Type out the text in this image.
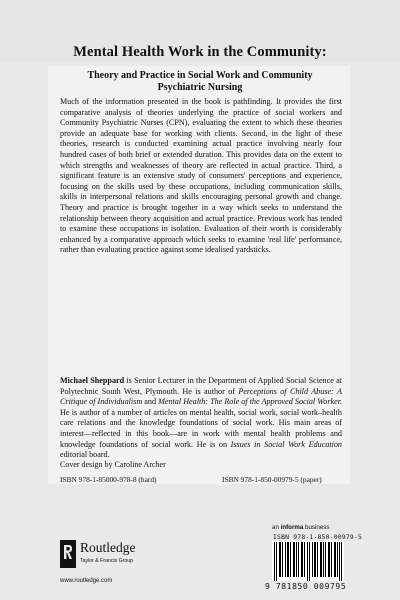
Mental Health Work in the Community:
Theory and Practice in Social Work and Community Psychiatric Nursing
Much of the information presented in the book is pathfinding. It provides the first comparative analysis of theories underlying the practice of social workers and Community Psychiatric Nurses (CPN), evaluating the extent to which these theories provide an adequate base for working with clients. Second, in the light of these theories, research is conducted examining actual practice involving nearly four hundred cases of both brief or extended duration. This provides data on the extent to which strengths and weaknesses of theory are reflected in actual practice. Third, a significant feature is an extensive study of consumers' perceptions and experience, focusing on the skills used by these occupations, including communication skills, skills in interpersonal relations and skills encouraging personal growth and change. Theory and practice is brought together in a way which seeks to understand the relationship between theory acquisition and actual practice. Previous work has tended to examine these occupations in isolation. Evaluation of their worth is considerably enhanced by a comparative approach which seeks to examine 'real life' performance, rather than evaluating practice against some idealised yardsticks.
Michael Sheppard is Senior Lecturer in the Department of Applied Social Science at Polytechnic South West, Plymouth. He is author of Perceptions of Child Abuse: A Critique of Individualism and Mental Health: The Role of the Approved Social Worker. He is author of a number of articles on mental health, social work, social work–health care relations and the knowledge foundations of social work. His main areas of interest—reflected in this book—are in work with mental health problems and knowledge foundations of social work. He is on Issues in Social Work Education editorial board.
Cover design by Caroline Archer
ISBN 978-1-85000-978-8 (hard)	ISBN 978-1-850-00979-5 (paper)
an informa business
ISBN 978-1-850-00979-5
9 781850 009795
Routledge
Taylor & Francis Group
www.routledge.com
